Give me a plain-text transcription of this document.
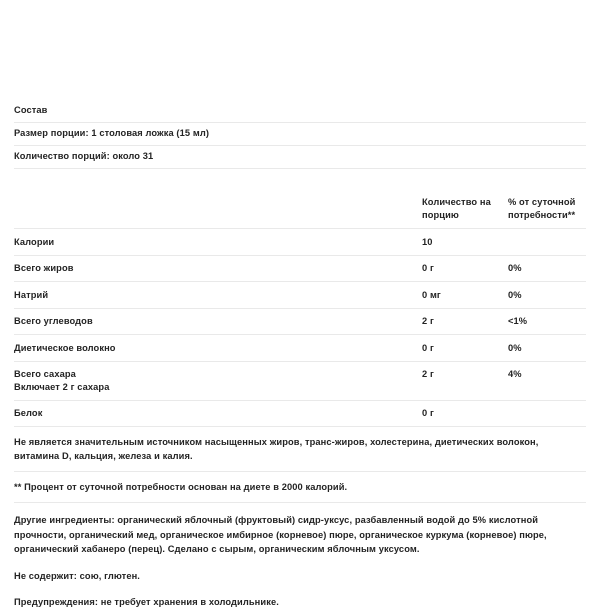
Состав
Размер порции: 1 столовая ложка (15 мл)
Количество порций: около 31
	Количество на порцию	% от суточной потребности**
Калории	10	
Всего жиров	0 г	0%
Натрий	0 мг	0%
Всего углеводов	2 г	<1%
Диетическое волокно	0 г	0%

Всего сахара
Включает 2 г сахара	2 г	4%
Белок	0 г	
Не является значительным источником насыщенных жиров, транс-жиров, холестерина, диетических волокон, витамина D, кальция, железа и калия.
** Процент от суточной потребности основан на диете в 2000 калорий.

Другие ингредиенты: органический яблочный (фруктовый) сидр-уксус, разбавленный водой до 5% кислотной прочности, органический мед, органическое имбирное (корневое) пюре, органическое куркума (корневое) пюре, органический хабанеро (перец). Сделано с сырым, органическим яблочным уксусом.

Не содержит: сою, глютен.

Предупреждения: не требует хранения в холодильнике.
